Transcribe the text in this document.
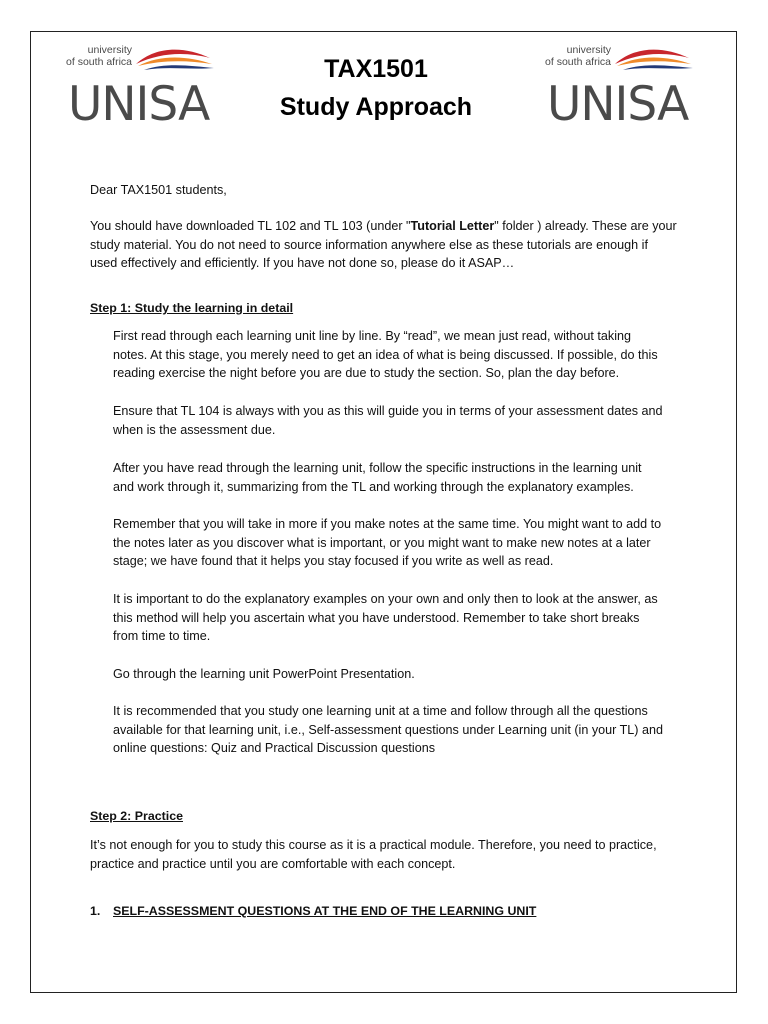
university
of south africa
UNISA
university
of south africa
UNISA
TAX1501
Study Approach
Dear TAX1501 students,
You should have downloaded TL 102 and TL 103 (under "Tutorial Letter" folder ) already. These are your
study material. You do not need to source information anywhere else as these tutorials are enough if
used effectively and efficiently. If you have not done so, please do it ASAP…
Step 1: Study the learning in detail
First read through each learning unit line by line. By “read”, we mean just read, without taking
notes. At this stage, you merely need to get an idea of what is being discussed. If possible, do this
reading exercise the night before you are due to study the section. So, plan the day before.
Ensure that TL 104 is always with you as this will guide you in terms of your assessment dates and
when is the assessment due.
After you have read through the learning unit, follow the specific instructions in the learning unit
and work through it, summarizing from the TL and working through the explanatory examples.
Remember that you will take in more if you make notes at the same time. You might want to add to
the notes later as you discover what is important, or you might want to make new notes at a later
stage; we have found that it helps you stay focused if you write as well as read.
It is important to do the explanatory examples on your own and only then to look at the answer, as
this method will help you ascertain what you have understood. Remember to take short breaks
from time to time.
Go through the learning unit PowerPoint Presentation.
It is recommended that you study one learning unit at a time and follow through all the questions
available for that learning unit, i.e., Self-assessment questions under Learning unit (in your TL) and
online questions: Quiz and Practical Discussion questions
Step 2: Practice
It’s not enough for you to study this course as it is a practical module. Therefore, you need to practice,
practice and practice until you are comfortable with each concept.
1. SELF-ASSESSMENT QUESTIONS AT THE END OF THE LEARNING UNIT
